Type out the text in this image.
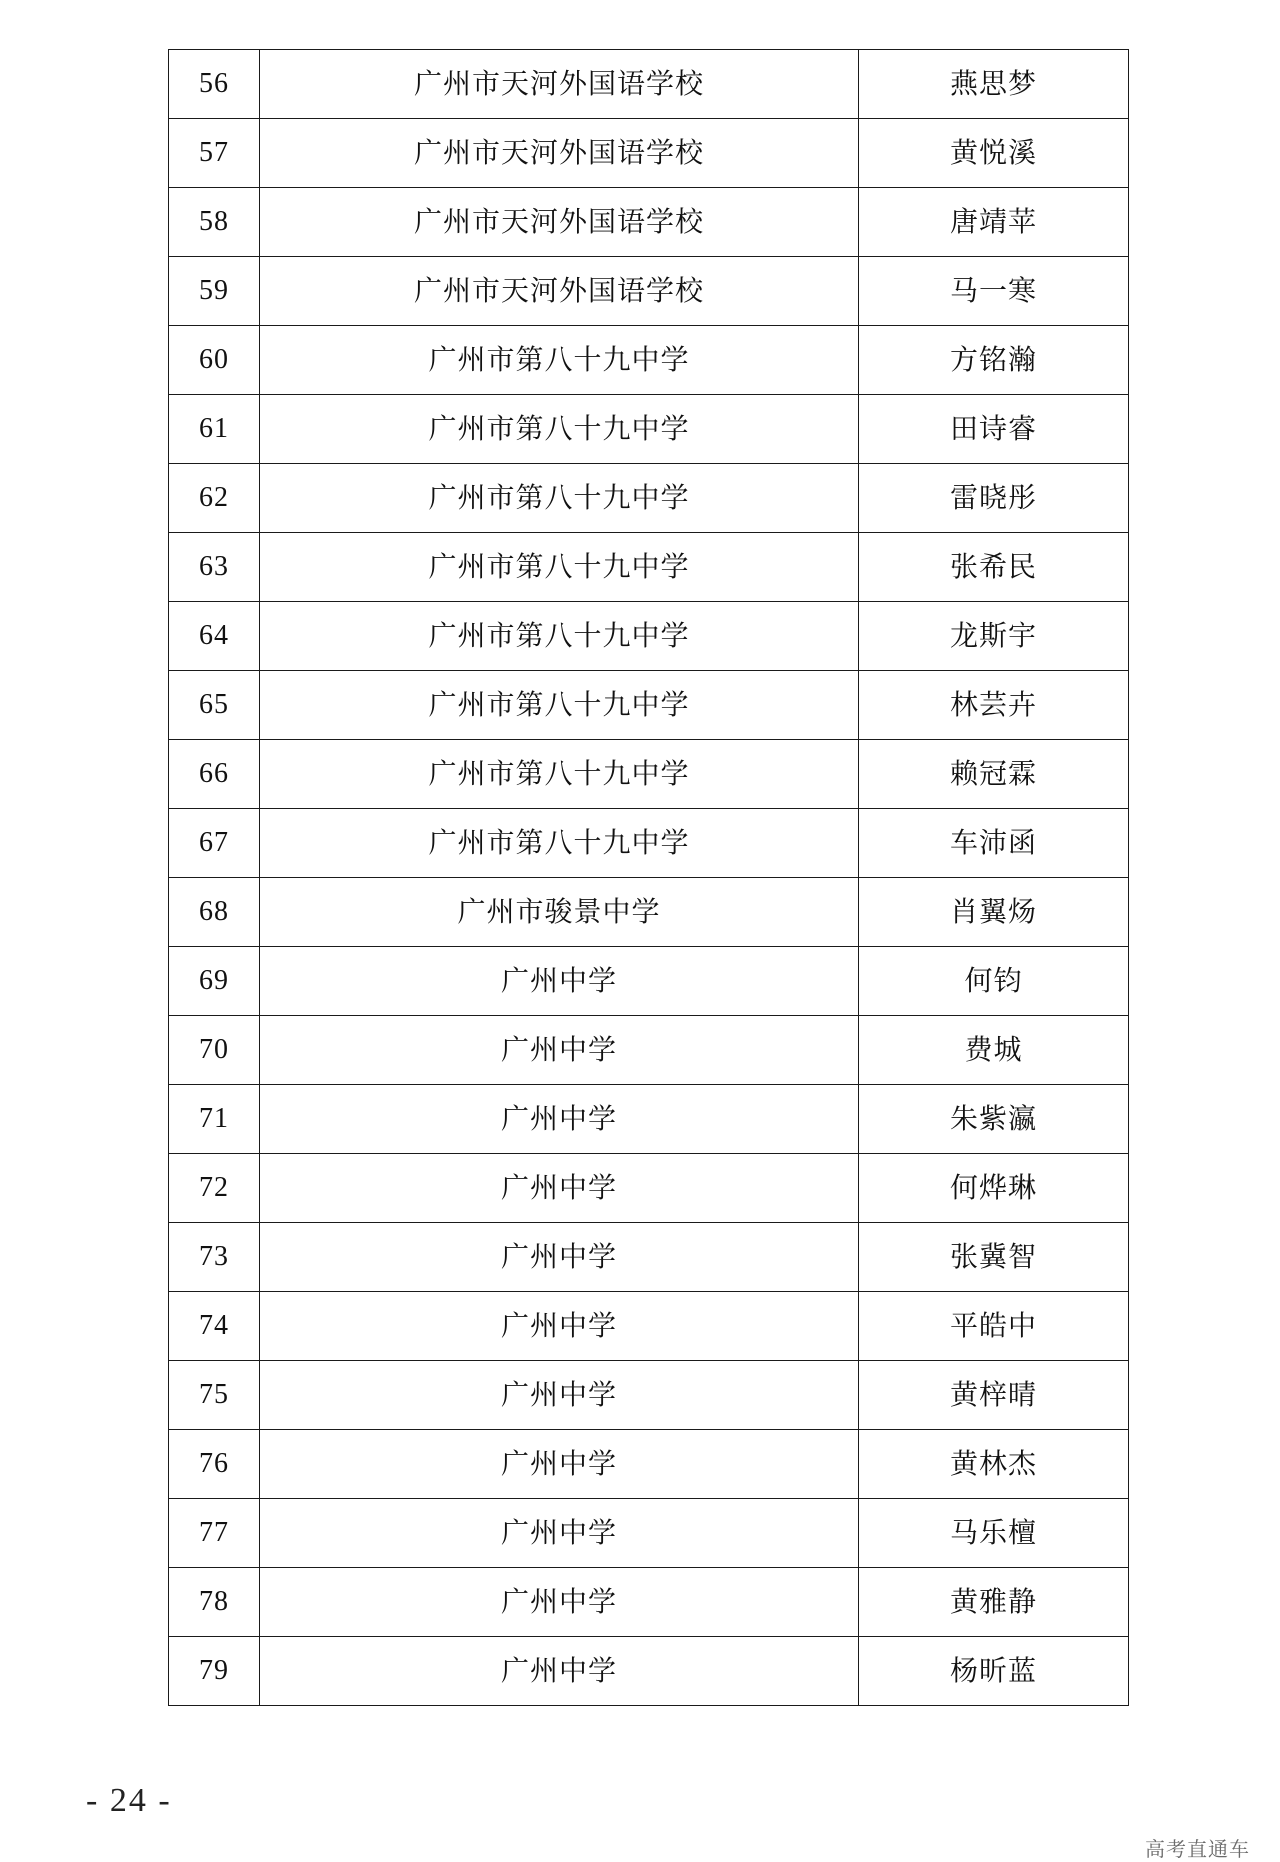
56	广州市天河外国语学校	燕思梦
57	广州市天河外国语学校	黄悦溪
58	广州市天河外国语学校	唐靖苹
59	广州市天河外国语学校	马一寒
60	广州市第八十九中学	方铭瀚
61	广州市第八十九中学	田诗睿
62	广州市第八十九中学	雷晓彤
63	广州市第八十九中学	张希民
64	广州市第八十九中学	龙斯宇
65	广州市第八十九中学	林芸卉
66	广州市第八十九中学	赖冠霖
67	广州市第八十九中学	车沛函
68	广州市骏景中学	肖翼炀
69	广州中学	何钧
70	广州中学	费城
71	广州中学	朱紫瀛
72	广州中学	何烨琳
73	广州中学	张冀智
74	广州中学	平皓中
75	广州中学	黄梓晴
76	广州中学	黄林杰
77	广州中学	马乐檀
78	广州中学	黄雅静
79	广州中学	杨昕蓝
- 24 -
高考直通车
